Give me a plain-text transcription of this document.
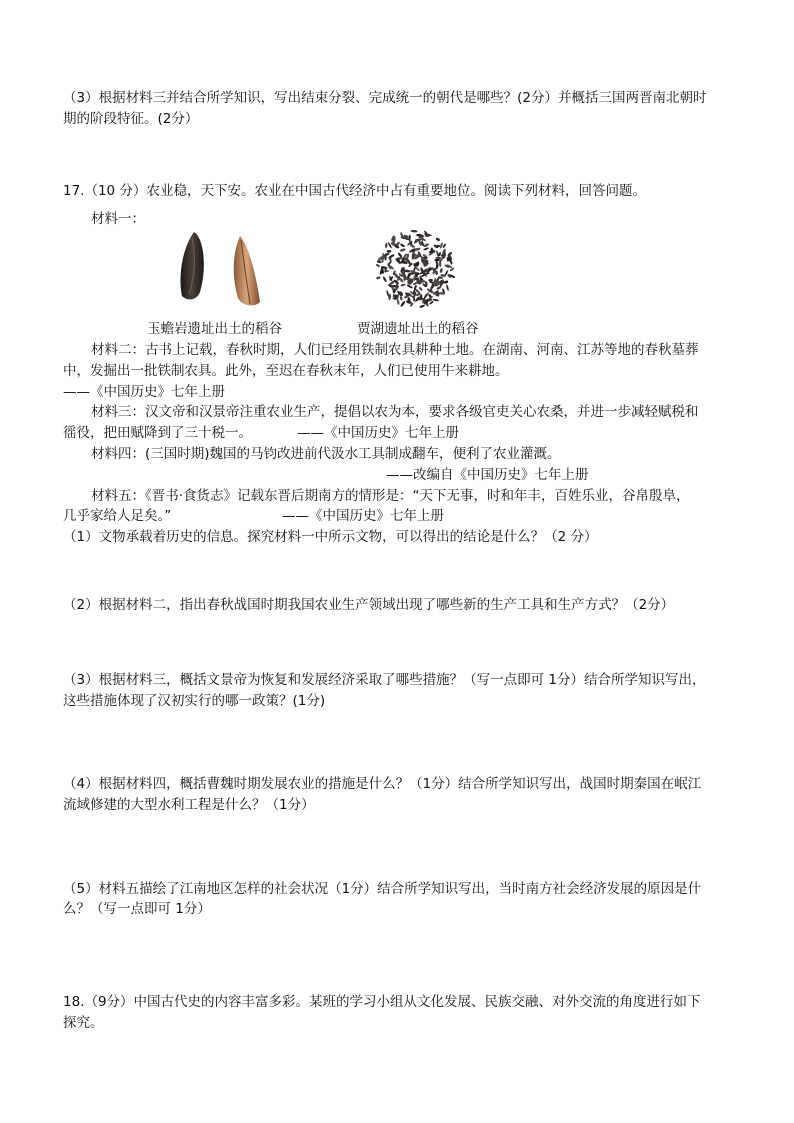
（3）根据材料三并结合所学知识，写出结束分裂、完成统一的朝代是哪些？(2分）并概括三国两晋南北朝时
期的阶段特征。(2分）
17.（10 分）农业稳，天下安。农业在中国古代经济中占有重要地位。阅读下列材料，回答问题。
材料一：
玉蟾岩遗址出土的稻谷	贾湖遗址出土的稻谷
材料二：古书上记载，春秋时期，人们已经用铁制农具耕种土地。在湖南、河南、江苏等地的春秋墓葬
中，发掘出一批铁制农具。此外，至迟在春秋末年，人们已使用牛来耕地。
——《中国历史》七年上册
材料三：汉文帝和汉景帝注重农业生产，提倡以农为本，要求各级官吏关心农桑，并进一步减轻赋税和
徭役，把田赋降到了三十税一。	——《中国历史》七年上册
材料四：(三国时期)魏国的马钧改进前代汲水工具制成翻车，便利了农业灌溉。
——改编自《中国历史》七年上册
材料五：《晋书·食货志》记载东晋后期南方的情形是：“天下无事，时和年丰，百姓乐业，谷帛殷阜，
几乎家给人足矣。”	——《中国历史》七年上册
（1）文物承载着历史的信息。探究材料一中所示文物，可以得出的结论是什么？（2 分）
（2）根据材料二，指出春秋战国时期我国农业生产领域出现了哪些新的生产工具和生产方式？（2分）
（3）根据材料三，概括文景帝为恢复和发展经济采取了哪些措施？（写一点即可 1分）结合所学知识写出，
这些措施体现了汉初实行的哪一政策？(1分)
（4）根据材料四，概括曹魏时期发展农业的措施是什么？（1分）结合所学知识写出，战国时期秦国在岷江
流域修建的大型水利工程是什么？（1分）
（5）材料五描绘了江南地区怎样的社会状况（1分）结合所学知识写出，当时南方社会经济发展的原因是什
么？（写一点即可 1分）
18.（9分）中国古代史的内容丰富多彩。某班的学习小组从文化发展、民族交融、对外交流的角度进行如下
探究。
